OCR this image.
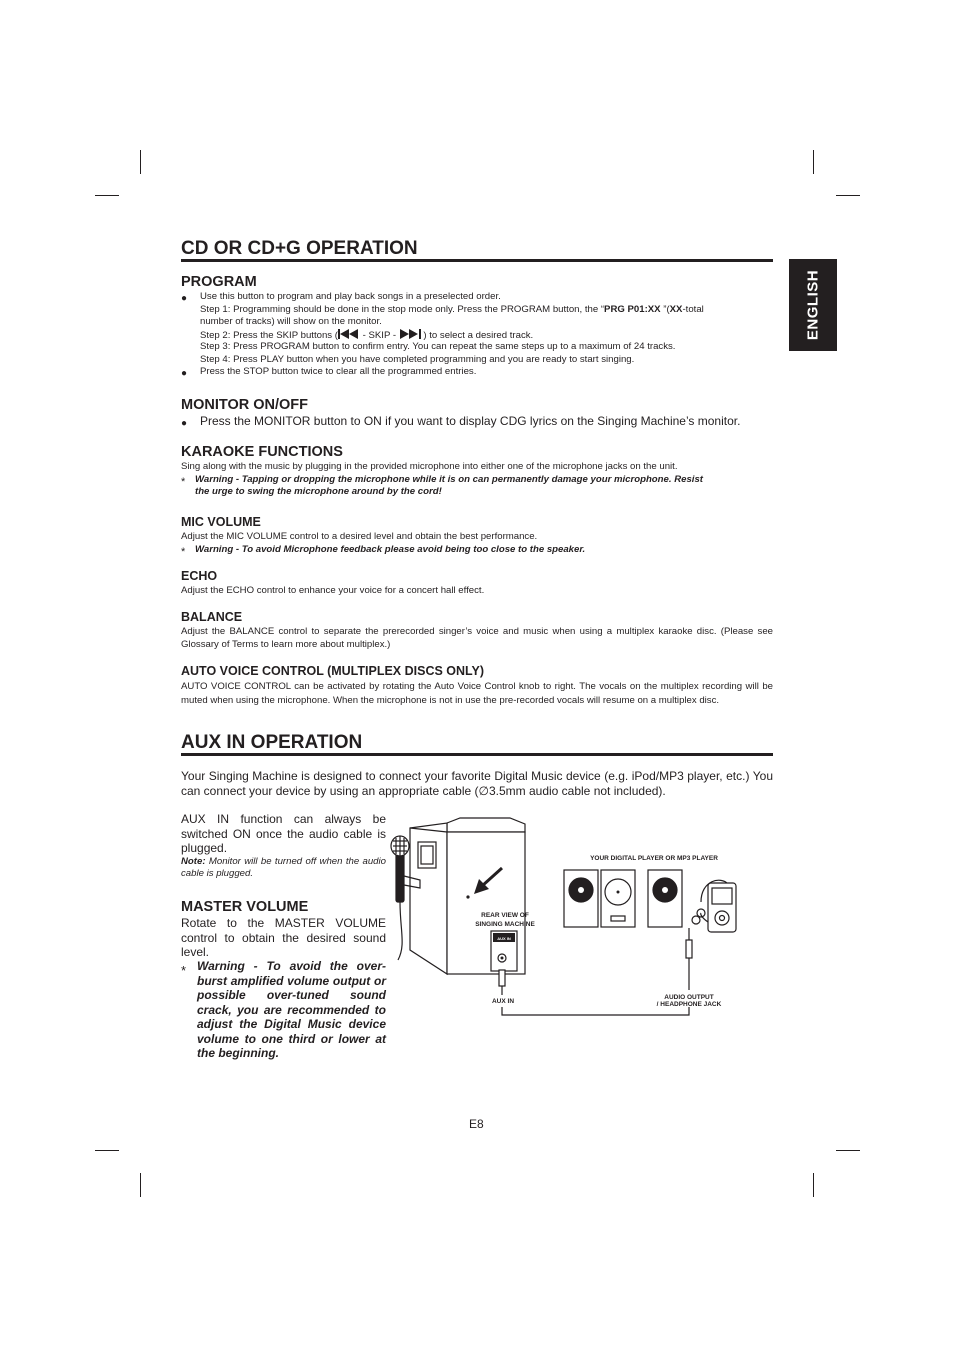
ENGLISH
CD OR CD+G OPERATION
PROGRAM
● Use this button to program and play back songs in a preselected order.
Step 1: Programming should be done in the stop mode only. Press the PROGRAM button, the “PRG P01:XX ”(XX-total
number of tracks) will show on the monitor.
Step 2: Press the SKIP buttons ( - SKIP -  ) to select a desired track.
Step 3: Press PROGRAM button to confirm entry. You can repeat the same steps up to a maximum of 24 tracks.
Step 4: Press PLAY button when you have completed programming and you are ready to start singing.
● Press the STOP button twice to clear all the programmed entries.
MONITOR ON/OFF
● Press the MONITOR button to ON if you want to display CDG lyrics on the Singing Machine’s monitor.
KARAOKE FUNCTIONS
Sing along with the music by plugging in the provided microphone into either one of the microphone jacks on the unit.
* Warning - Tapping or dropping the microphone while it is on can permanently damage your microphone. Resist
the urge to swing the microphone around by the cord!
MIC VOLUME
Adjust the MIC VOLUME control to a desired level and obtain the best performance.
* Warning - To avoid Microphone feedback please avoid being too close to the speaker.
ECHO
Adjust the ECHO control to enhance your voice for a concert hall effect.
BALANCE
Adjust the BALANCE control to separate the prerecorded singer’s voice and music when using a multiplex karaoke disc. (Please see Glossary of Terms to learn more about multiplex.)
AUTO VOICE CONTROL (MULTIPLEX DISCS ONLY)
AUTO VOICE CONTROL can be activated by rotating the Auto Voice Control knob to right. The vocals on the multiplex recording will be muted when using the microphone. When the microphone is not in use the pre-recorded vocals will resume on a multiplex disc.
AUX IN OPERATION
Your Singing Machine is designed to connect your favorite Digital Music device (e.g. iPod/MP3 player, etc.) You can connect your device by using an appropriate cable (∅3.5mm audio cable not included).
AUX IN function can always be switched ON once the audio cable is plugged.
Note: Monitor will be turned off when the audio cable is plugged.
MASTER VOLUME
Rotate to the MASTER VOLUME control to obtain the desired sound level.
* Warning - To avoid the over-burst amplified volume output or possible over-tuned sound crack, you are recommended to adjust the Digital Music device volume to one third or lower at the beginning.
REAR VIEW OF
SINGING MACHINE
AUX IN
AUX IN
YOUR DIGITAL PLAYER OR MP3 PLAYER
AUDIO OUTPUT
/ HEADPHONE JACK
E8
